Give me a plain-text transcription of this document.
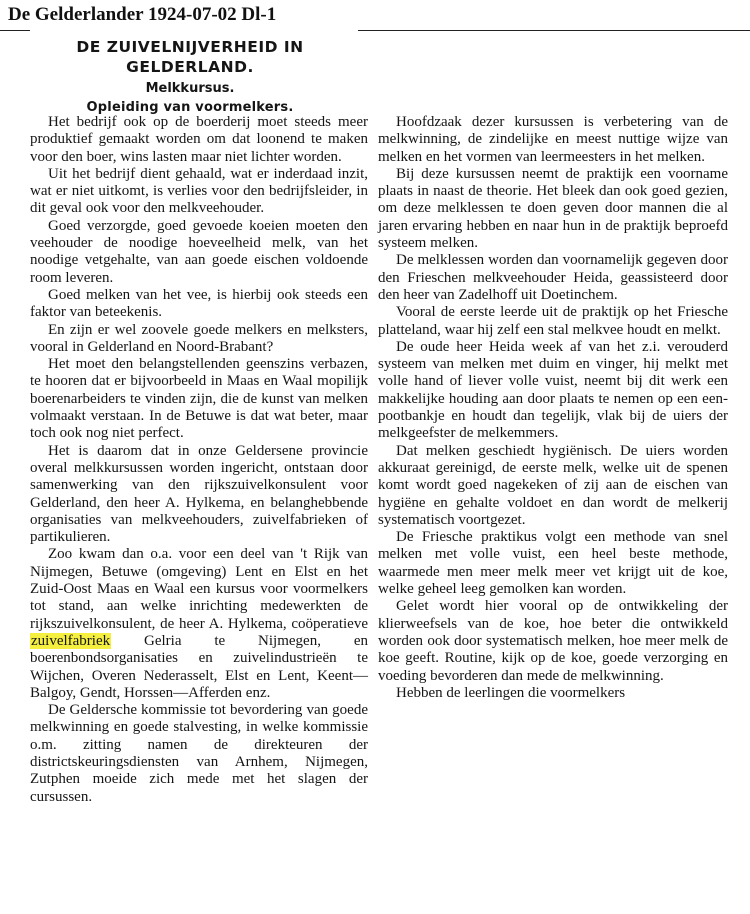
De Gelderlander 1924-07-02 Dl-1
DE ZUIVELNIJVERHEID IN
GELDERLAND.
Melkkursus.
Opleiding van voormelkers.

Het bedrijf ook op de boerderij moet steeds meer produktief gemaakt worden om dat loonend te maken voor den boer, wins lasten maar niet lichter worden.

Uit het bedrijf dient gehaald, wat er inderdaad inzit, wat er niet uitkomt, is verlies voor den bedrijfsleider, in dit geval ook voor den melkveehouder.

Goed verzorgde, goed gevoede koeien moeten den veehouder de noodige hoeveelheid melk, van het noodige vetgehalte, van aan goede eischen voldoende room leveren.

Goed melken van het vee, is hierbij ook steeds een faktor van beteekenis.

En zijn er wel zoovele goede melkers en melksters, vooral in Gelderland en Noord-Brabant?

Het moet den belangstellenden geenszins verbazen, te hooren dat er bijvoorbeeld in Maas en Waal mopilijk boerenarbeiders te vinden zijn, die de kunst van melken volmaakt verstaan. In de Betuwe is dat wat beter, maar toch ook nog niet perfect.

Het is daarom dat in onze Geldersene provincie overal melkkursussen worden ingericht, ontstaan door samenwerking van den rijkszuivelkonsulent voor Gelderland, den heer A. Hylkema, en belanghebbende organisaties van melkveehouders, zuivelfabrieken of partikulieren.

Zoo kwam dan o.a. voor een deel van 't Rijk van Nijmegen, Betuwe (omgeving) Lent en Elst en het Zuid-Oost Maas en Waal een kursus voor voormelkers tot stand, aan welke inrichting medewerkten de rijkszuivelkonsulent, de heer A. Hylkema, coöperatieve zuivelfabriek Gelria te Nijmegen, en boerenbondsorganisaties en zuivelindustrieën te Wijchen, Overen Nederasselt, Elst en Lent, Keent—Balgoy, Gendt, Horssen—Afferden enz.

De Geldersche kommissie tot bevordering van goede melkwinning en goede stalvesting, in welke kommissie o.m. zitting namen de direkteuren der districtskeuringsdiensten van Arnhem, Nijmegen, Zutphen moeide zich mede met het slagen der cursussen.

Hoofdzaak dezer kursussen is verbetering van de melkwinning, de zindelijke en meest nuttige wijze van melken en het vormen van leermeesters in het melken.

Bij deze kursussen neemt de praktijk een voorname plaats in naast de theorie. Het bleek dan ook goed gezien, om deze melklessen te doen geven door mannen die al jaren ervaring hebben en naar hun in de praktijk beproefd systeem melken.

De melklessen worden dan voornamelijk gegeven door den Frieschen melkveehouder Heida, geassisteerd door den heer van Zadelhoff uit Doetinchem.

Vooral de eerste leerde uit de praktijk op het Friesche platteland, waar hij zelf een stal melkvee houdt en melkt.

De oude heer Heida week af van het z.i. verouderd systeem van melken met duim en vinger, hij melkt met volle hand of liever volle vuist, neemt bij dit werk een makkelijke houding aan door plaats te nemen op een een-pootbankje en houdt dan tegelijk, vlak bij de uiers der melkgeefster de melkemmers.

Dat melken geschiedt hygiënisch. De uiers worden akkuraat gereinigd, de eerste melk, welke uit de spenen komt wordt goed nagekeken of zij aan de eischen van hygiëne en gehalte voldoet en dan wordt de melkerij systematisch voortgezet.

De Friesche praktikus volgt een methode van snel melken met volle vuist, een heel beste methode, waarmede men meer melk meer vet krijgt uit de koe, welke geheel leeg gemolken kan worden.

Gelet wordt hier vooral op de ontwikkeling der klierweefsels van de koe, hoe beter die ontwikkeld worden ook door systematisch melken, hoe meer melk de koe geeft. Routine, kijk op de koe, goede verzorging en voeding bevorderen dan mede de melkwinning.

Hebben de leerlingen die voormelkers
